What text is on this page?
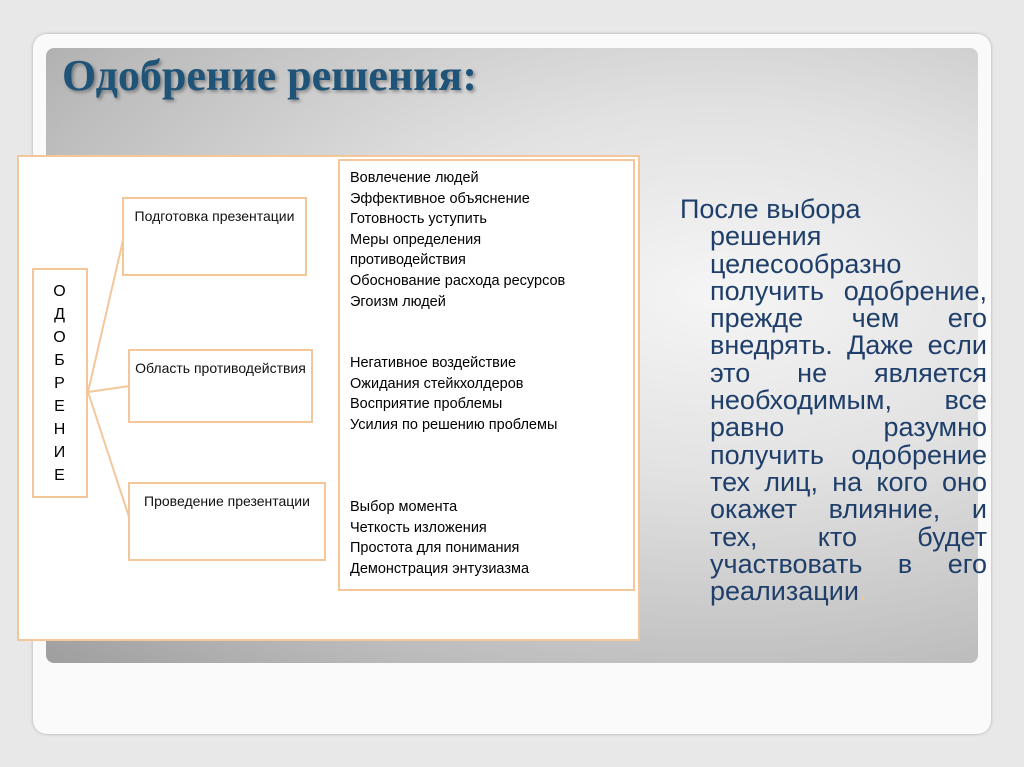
Одобрение решения:
ОДОБРЕНИЕ
Подготовка презентации
Область противодействия
Проведение презентации
Вовлечение людей
Эффективное объяснение
Готовность уступить
Меры определения противодействия
Обоснование расхода ресурсов
Эгоизм людей
Негативное воздействие
Ожидания стейкхолдеров
Восприятие проблемы
Усилия по решению проблемы
Выбор момента
Четкость изложения
Простота для понимания
Демонстрация энтузиазма

После выбора
решения целесообразно получить одобрение, прежде чем его внедрять. Даже если это не является необходимым, все равно разумно получить одобрение тех лиц, на кого оно окажет влияние, и тех, кто будет участвовать в его реализации.
